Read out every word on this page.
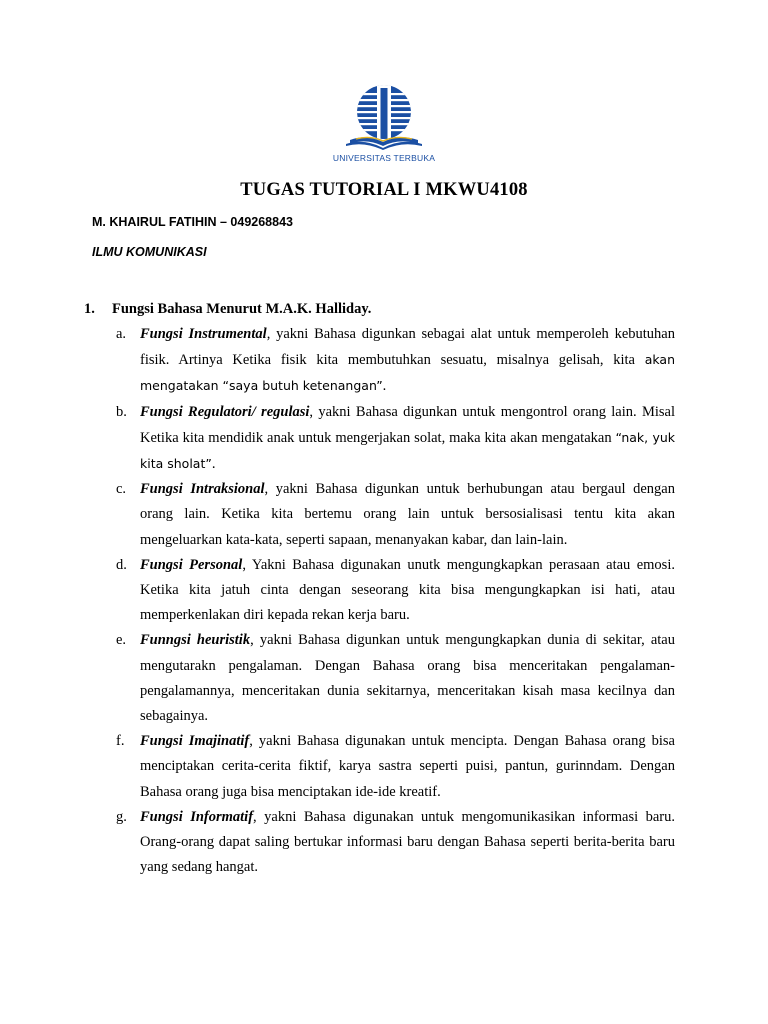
UNIVERSITAS TERBUKA
TUGAS TUTORIAL I MKWU4108
M. KHAIRUL FATIHIN – 049268843
ILMU KOMUNIKASI
1. Fungsi Bahasa Menurut M.A.K. Halliday.
a. Fungsi Instrumental, yakni Bahasa digunkan sebagai alat untuk memperoleh kebutuhan fisik. Artinya Ketika fisik kita membutuhkan sesuatu, misalnya gelisah, kita akan mengatakan “saya butuh ketenangan”.
b. Fungsi Regulatori/ regulasi, yakni Bahasa digunkan untuk mengontrol orang lain. Misal Ketika kita mendidik anak untuk mengerjakan solat, maka kita akan mengatakan “nak, yuk kita sholat”.
c. Fungsi Intraksional, yakni Bahasa digunkan untuk berhubungan atau bergaul dengan orang lain. Ketika kita bertemu orang lain untuk bersosialisasi tentu kita akan mengeluarkan kata-kata, seperti sapaan, menanyakan kabar, dan lain-lain.
d. Fungsi Personal, Yakni Bahasa digunakan unutk mengungkapkan perasaan atau emosi. Ketika kita jatuh cinta dengan seseorang kita bisa mengungkapkan isi hati, atau memperkenlakan diri kepada rekan kerja baru.
e. Funngsi heuristik, yakni Bahasa digunkan untuk mengungkapkan dunia di sekitar, atau mengutarakn pengalaman. Dengan Bahasa orang bisa menceritakan pengalaman-pengalamannya, menceritakan dunia sekitarnya, menceritakan kisah masa kecilnya dan sebagainya.
f. Fungsi Imajinatif, yakni Bahasa digunakan untuk mencipta. Dengan Bahasa orang bisa menciptakan cerita-cerita fiktif, karya sastra seperti puisi, pantun, gurinndam. Dengan Bahasa orang juga bisa menciptakan ide-ide kreatif.
g. Fungsi Informatif, yakni Bahasa digunakan untuk mengomunikasikan informasi baru. Orang-orang dapat saling bertukar informasi baru dengan Bahasa seperti berita-berita baru yang sedang hangat.
